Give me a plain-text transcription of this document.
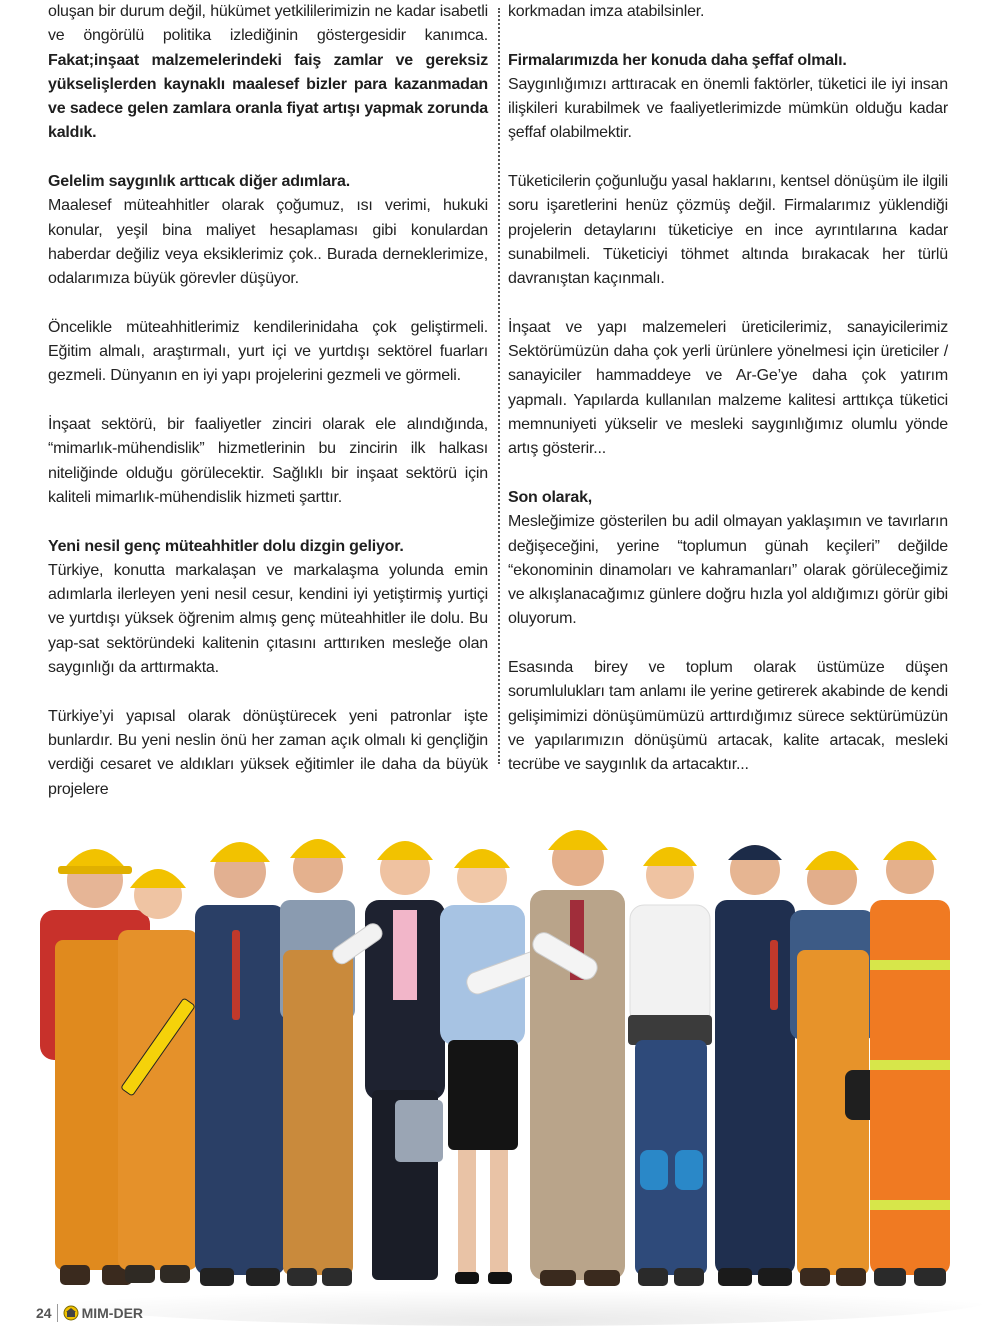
oluşan bir durum değil, hükümet yetkililerimizin ne kadar isabetli ve öngörülü politika izlediğinin göstergesidir kanımca. Fakat;inşaat malzemelerindeki faiş zamlar ve gereksiz yükselişlerden kaynaklı maalesef bizler para kazanmadan ve sadece gelen zamlara oranla fiyat artışı yapmak zorunda kaldık.

Gelelim saygınlık arttıcak diğer adımlara.

Maalesef müteahhitler olarak çoğumuz, ısı verimi, hukuki konular, yeşil bina maliyet hesaplaması gibi konulardan haberdar değiliz veya eksiklerimiz çok.. Burada derneklerimize, odalarımıza büyük görevler düşüyor.

Öncelikle müteahhitlerimiz kendilerinidaha çok geliştirmeli. Eğitim almalı, araştırmalı, yurt içi ve yurtdışı sektörel fuarları gezmeli. Dünyanın en iyi yapı projelerini gezmeli ve görmeli.

İnşaat sektörü, bir faaliyetler zinciri olarak ele alındığında, “mimarlık-mühendislik” hizmetlerinin bu zincirin ilk halkası niteliğinde olduğu görülecektir. Sağlıklı bir inşaat sektörü için kaliteli mimarlık-mühendislik hizmeti şarttır.

Yeni nesil genç müteahhitler dolu dizgin geliyor.

Türkiye, konutta markalaşan ve markalaşma yolunda emin adımlarla ilerleyen yeni nesil cesur, kendini iyi yetiştirmiş yurtiçi ve yurtdışı yüksek öğrenim almış genç müteahhitler ile dolu. Bu yap-sat sektöründeki kalitenin çıtasını arttırıken mesleğe olan saygınlığı da arttırmakta.

Türkiye’yi yapısal olarak dönüştürecek yeni patronlar işte bunlardır. Bu yeni neslin önü her zaman açık olmalı ki gençliğin verdiği cesaret ve aldıkları yüksek eğitimler ile daha da büyük projelere

korkmadan imza atabilsinler.

Firmalarımızda her konuda daha şeffaf olmalı.

Saygınlığımızı arttıracak en önemli faktörler, tüketici ile iyi insan ilişkileri kurabilmek ve faaliyetlerimizde mümkün olduğu kadar şeffaf olabilmektir.

Tüketicilerin çoğunluğu yasal haklarını, kentsel dönüşüm ile ilgili soru işaretlerini henüz çözmüş değil. Firmalarımız yüklendiği projelerin detaylarını tüketiciye en ince ayrıntılarına kadar sunabilmeli. Tüketiciyi töhmet altında bırakacak her türlü davranıştan kaçınmalı.

İnşaat ve yapı malzemeleri üreticilerimiz, sanayicilerimiz Sektörümüzün daha çok yerli ürünlere yönelmesi için üreticiler / sanayiciler hammaddeye ve Ar-Ge’ye daha çok yatırım yapmalı. Yapılarda kullanılan malzeme kalitesi arttıkça tüketici memnuniyeti yükselir ve mesleki saygınlığımız olumlu yönde artış gösterir...

Son olarak,

Mesleğimize gösterilen bu adil olmayan yaklaşımın ve tavırların değişeceğini, yerine “toplumun günah keçileri” değilde “ekonominin dinamoları ve kahramanları” olarak görüleceğimiz ve alkışlanacağımız günlere doğru hızla yol aldığımızı görür gibi oluyorum.

Esasında birey ve toplum olarak üstümüze düşen sorumlulukları tam anlamı ile yerine getirerek akabinde de kendi gelişimimizi dönüşümümüzü arttırdığımız sürece sektürümüzün ve yapılarımızın dönüşümü artacak, kalite artacak, mesleki tecrübe ve saygınlık da artacaktır...

24 MIM-DER
